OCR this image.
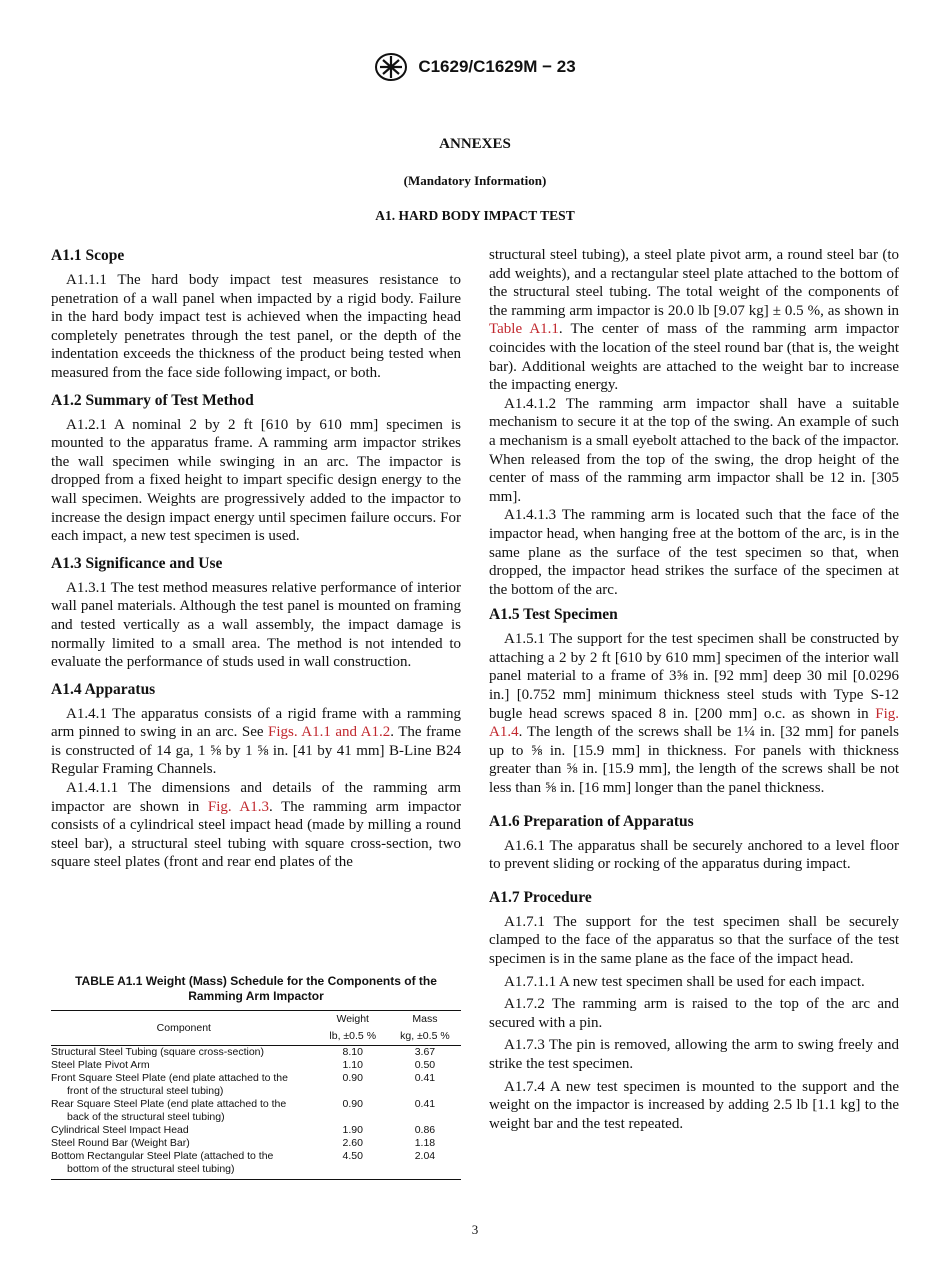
C1629/C1629M − 23
ANNEXES
(Mandatory Information)
A1. HARD BODY IMPACT TEST
A1.1 Scope

A1.1.1 The hard body impact test measures resistance to penetration of a wall panel when impacted by a rigid body. Failure in the hard body impact test is achieved when the impacting head completely penetrates through the test panel, or the depth of the indentation exceeds the thickness of the product being tested when measured from the face side following impact, or both.

A1.2 Summary of Test Method

A1.2.1 A nominal 2 by 2 ft [610 by 610 mm] specimen is mounted to the apparatus frame. A ramming arm impactor strikes the wall specimen while swinging in an arc. The impactor is dropped from a fixed height to impart specific design energy to the wall specimen. Weights are progressively added to the impactor to increase the design impact energy until specimen failure occurs. For each impact, a new test specimen is used.

A1.3 Significance and Use

A1.3.1 The test method measures relative performance of interior wall panel materials. Although the test panel is mounted on framing and tested vertically as a wall assembly, the impact damage is normally limited to a small area. The method is not intended to evaluate the performance of studs used in wall construction.

A1.4 Apparatus

A1.4.1 The apparatus consists of a rigid frame with a ramming arm pinned to swing in an arc. See Figs. A1.1 and A1.2. The frame is constructed of 14 ga, 1 ⅝ by 1 ⅝ in. [41 by 41 mm] B-Line B24 Regular Framing Channels.

A1.4.1.1 The dimensions and details of the ramming arm impactor are shown in Fig. A1.3. The ramming arm impactor consists of a cylindrical steel impact head (made by milling a round steel bar), a structural steel tubing with square cross-section, two square steel plates (front and rear end plates of the

structural steel tubing), a steel plate pivot arm, a round steel bar (to add weights), and a rectangular steel plate attached to the bottom of the structural steel tubing. The total weight of the components of the ramming arm impactor is 20.0 lb [9.07 kg] ± 0.5 %, as shown in Table A1.1. The center of mass of the ramming arm impactor coincides with the location of the steel round bar (that is, the weight bar). Additional weights are attached to the weight bar to increase the impacting energy.

A1.4.1.2 The ramming arm impactor shall have a suitable mechanism to secure it at the top of the swing. An example of such a mechanism is a small eyebolt attached to the back of the impactor. When released from the top of the swing, the drop height of the center of mass of the ramming arm impactor shall be 12 in. [305 mm].

A1.4.1.3 The ramming arm is located such that the face of the impactor head, when hanging free at the bottom of the arc, is in the same plane as the surface of the test specimen so that, when dropped, the impactor head strikes the surface of the specimen at the bottom of the arc.

A1.5 Test Specimen

A1.5.1 The support for the test specimen shall be constructed by attaching a 2 by 2 ft [610 by 610 mm] specimen of the interior wall panel material to a frame of 3⅝ in. [92 mm] deep 30 mil [0.0296 in.] [0.752 mm] minimum thickness steel studs with Type S-12 bugle head screws spaced 8 in. [200 mm] o.c. as shown in Fig. A1.4. The length of the screws shall be 1¼ in. [32 mm] for panels up to ⅝ in. [15.9 mm] in thickness. For panels with thickness greater than ⅝ in. [15.9 mm], the length of the screws shall be not less than ⅝ in. [16 mm] longer than the panel thickness.

A1.6 Preparation of Apparatus

A1.6.1 The apparatus shall be securely anchored to a level floor to prevent sliding or rocking of the apparatus during impact.

A1.7 Procedure

A1.7.1 The support for the test specimen shall be securely clamped to the face of the apparatus so that the surface of the test specimen is in the same plane as the face of the impact head.

A1.7.1.1 A new test specimen shall be used for each impact.

A1.7.2 The ramming arm is raised to the top of the arc and secured with a pin.

A1.7.3 The pin is removed, allowing the arm to swing freely and strike the test specimen.

A1.7.4 A new test specimen is mounted to the support and the weight on the impactor is increased by adding 2.5 lb [1.1 kg] to the weight bar and the test repeated.

TABLE A1.1 Weight (Mass) Schedule for the Components of the Ramming Arm Impactor
Component	Weight	Mass
	lb, ±0.5 %	kg, ±0.5 %
Structural Steel Tubing (square cross-section)	8.10	3.67
Steel Plate Pivot Arm	1.10	0.50
Front Square Steel Plate (end plate attached to the
front of the structural steel tubing)	0.90	0.41
Rear Square Steel Plate (end plate attached to the
back of the structural steel tubing)	0.90	0.41
Cylindrical Steel Impact Head	1.90	0.86
Steel Round Bar (Weight Bar)	2.60	1.18
Bottom Rectangular Steel Plate (attached to the
bottom of the structural steel tubing)	4.50	2.04
3
